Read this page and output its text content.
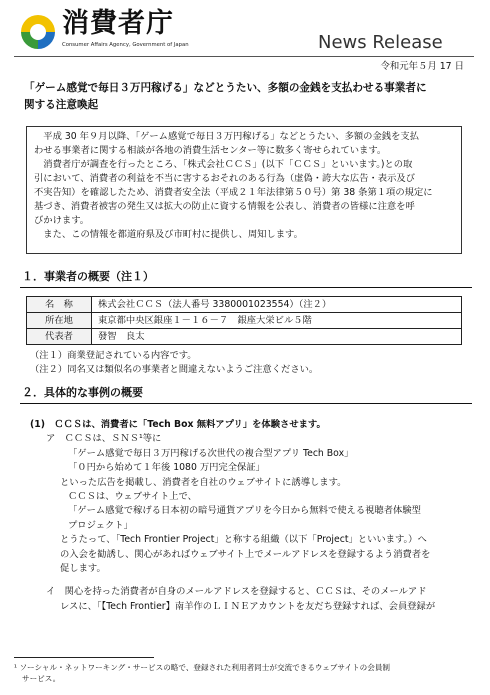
消費者庁
Consumer Affairs Agency, Government of Japan	News Release
令和元年５月 17 日
「ゲーム感覚で毎日３万円稼げる」などとうたい、多額の金銭を支払わせる事業者に
関する注意喚起
　平成 30 年９月以降、「ゲーム感覚で毎日３万円稼げる」などとうたい、多額の金銭を支払
わせる事業者に関する相談が各地の消費生活センター等に数多く寄せられています。
　消費者庁が調査を行ったところ、「株式会社ＣＣＳ」(以下「ＣＣＳ」といいます。)との取
引において、消費者の利益を不当に害するおそれのある行為（虚偽・誇大な広告・表示及び
不実告知）を確認したため、消費者安全法（平成２１年法律第５０号）第 38 条第１項の規定に
基づき、消費者被害の発生又は拡大の防止に資する情報を公表し、消費者の皆様に注意を呼
びかけます。
　また、この情報を都道府県及び市町村に提供し、周知します。
１．事業者の概要（注１）
名　称	株式会社ＣＣＳ（法人番号 3380001023554）（注２）
所在地	東京都中央区銀座１－１６－７　銀座大栄ビル５階
代表者	發智　良太
（注１）商業登記されている内容です。
（注２）同名又は類似名の事業者と間違えないようご注意ください。
２．具体的な事例の概要
(1)　ＣＣＳは、消費者に「Tech Box 無料アプリ」を体験させます。
ア　ＣＣＳは、ＳＮＳ¹等に
「ゲーム感覚で毎日３万円稼げる次世代の複合型アプリ Tech Box」
「０円から始めて１年後 1080 万円完全保証」
といった広告を掲載し、消費者を自社のウェブサイトに誘導します。
ＣＣＳは、ウェブサイト上で、
「ゲーム感覚で稼げる日本初の暗号通貨アプリを今日から無料で使える視聴者体験型
プロジェクト」
とうたって、「Tech Frontier Project」と称する組織（以下「Project」といいます。）へ
の入会を勧誘し、関心があればウェブサイト上でメールアドレスを登録するよう消費者を
促します。
イ　関心を持った消費者が自身のメールアドレスを登録すると、ＣＣＳは、そのメールアド
レスに、「【Tech Frontier】南羊作のＬＩＮＥアカウントを友だち登録すれば、会員登録が
¹ ソーシャル・ネットワーキング・サービスの略で、登録された利用者同士が交流できるウェブサイトの会員制
サービス。
